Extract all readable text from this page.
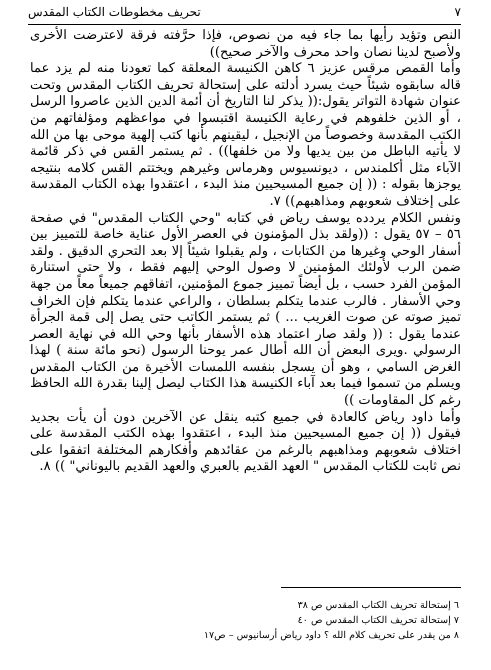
تحريف مخطوطات الكتاب المقدس	٧

النص وتؤيد رأيها بما جاء فيه من نصوص، فإذا حرَّفته فرقة لاعترضت الأخرى ولأصبح لدينا نصان واحد محرف والآخر صحيح))

وأما القمص مرقس عزيز ٦ كاهن الكنيسة المعلقة كما تعودنا منه لم يزد عما قاله سابقوه شيئاً حيث يسرد أدلته على إستحالة تحريف الكتاب المقدس وتحت عنوان شهادة التواتر يقول:(( يذكر لنا التاريخ أن أئمة الدين الذين عاصروا الرسل ، أو الذين خلفوهم في رعاية الكنيسة اقتبسوا في مواعظهم ومؤلفاتهم من الكتب المقدسة وخصوصاً من الإنجيل ، ليقينهم بأنها كتب إلهية موحى بها من الله لا يأتيه الباطل من بين يديها ولا من خلفها)) . ثم يستمر القس في ذكر قائمة الآباء مثل أكلمندس ، ديونسيوس وهرماس وغيرهم ويختتم القس كلامه بنتيجه يوجزها بقوله : (( إن جميع المسيحيين منذ البدء ، اعتقدوا بهذه الكتاب المقدسة على إختلاف شعوبهم ومذاهبهم)) ٧.

ونفس الكلام يردده يوسف رياض في كتابه "وحي الكتاب المقدس" في صفحة ٥٦ – ٥٧ يقول : ((ولقد بذل المؤمنون في العصر الأول عناية خاصة للتمييز بين أسفار الوحي وغيرها من الكتابات ، ولم يقبلوا شيئاً إلا بعد التحري الدقيق . ولقد ضمن الرب لأولئك المؤمنين لا وصول الوحي إليهم فقط ، ولا حتى استنارة المؤمن الفرد حسب ، بل أيضاً تمييز جموع المؤمنين، اتفاقهم جميعاً معاً من جهة وحي الأسفار . فالرب عندما يتكلم بسلطان ، والراعي عندما يتكلم فإن الخراف تميز صوته عن صوت الغريب ... ) ثم يستمر الكاتب حتى يصل إلى قمة الجرأة عندما يقول : (( ولقد صار اعتماد هذه الأسفار بأنها وحي الله في نهاية العصر الرسولي .ويرى البعض أن الله أطال عمر يوحنا الرسول (نحو مائة سنة ) لهذا الغرض السامي ، وهو أن يسجل بنفسه اللمسات الأخيرة من الكتاب المقدس ويسلم من تسموا فيما بعد آباء الكنيسة هذا الكتاب ليصل إلينا بقدرة الله الحافظ رغم كل المقاومات ))

وأما داود رياض كالعادة في جميع كتبه ينقل عن الآخرين دون أن يأت بجديد فيقول (( إن جميع المسيحيين منذ البدء ، اعتقدوا بهذه الكتب المقدسة على اختلاف شعوبهم ومذاهبهم بالرغم من عقائدهم وأفكارهم المختلفة اتفقوا على نص ثابت للكتاب المقدس " العهد القديم بالعبري والعهد القديم باليوناني" )) ٨.

٦ إستحالة تحريف الكتاب المقدس ص ٣٨
٧ إستحالة تحريف الكتاب المقدس ص ٤٠
٨ من يقدر على تحريف كلام الله ؟ داود رياض أرسانيوس – ص١٧
